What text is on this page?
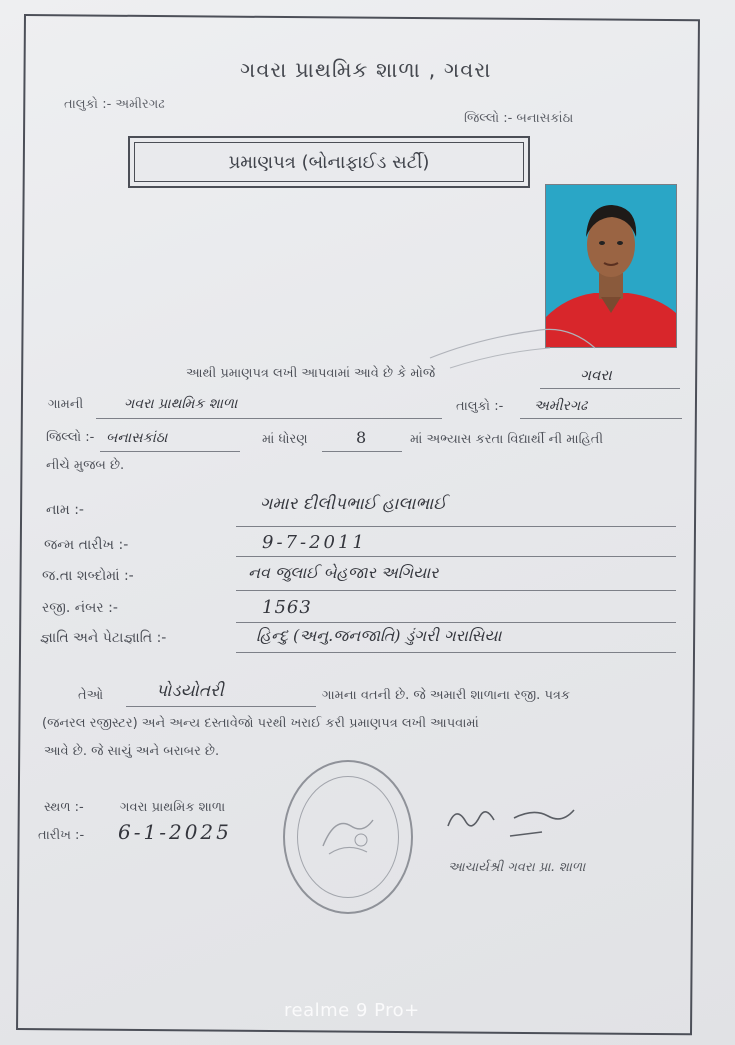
ગવરા પ્રાથમિક શાળા , ગવરા
તાલુકો :- અમીરગઢ
જિલ્લો :- બનાસકાંઠા
પ્રમાણપત્ર (બોનાફાઈડ સર્ટી)
આથી પ્રમાણપત્ર લખી આપવામાં આવે છે કે મોજે	ગવરા
ગામની	ગવરા પ્રાથમિક શાળા	તાલુકો :- અમીરગઢ
જિલ્લો :- બનાસકાંઠા	માં ધોરણ	8	માં અભ્યાસ કરતા વિદ્યાર્થી ની માહિતી
નીચે મુજબ છે.
નામ :-	ગમાર દીલીપભાઈ હાલાભાઈ
જન્મ તારીખ :-	9-7-2011
જ.તા શબ્દોમાં :-	નવ જુલાઈ બેહજાર અગિયાર
રજી. નંબર :-	1563
જ્ઞાતિ અને પેટાજ્ઞાતિ :-	હિન્દુ (અનુ.જનજાતિ) ડુંગરી ગરાસિયા
તેઓ	પોડયોતરી	ગામના વતની છે. જે અમારી શાળાના રજી. પત્રક
(જનરલ રજીસ્ટર) અને અન્ય દસ્તાવેજો પરથી ખરાઈ કરી પ્રમાણપત્ર લખી આપવામાં
આવે છે. જે સાચું અને બરાબર છે.
સ્થળ :-	ગવરા પ્રાથમિક શાળા
તારીખ :- 6-1-2025
આચાર્યશ્રી ગવરા પ્રા. શાળા
realme 9 Pro+
